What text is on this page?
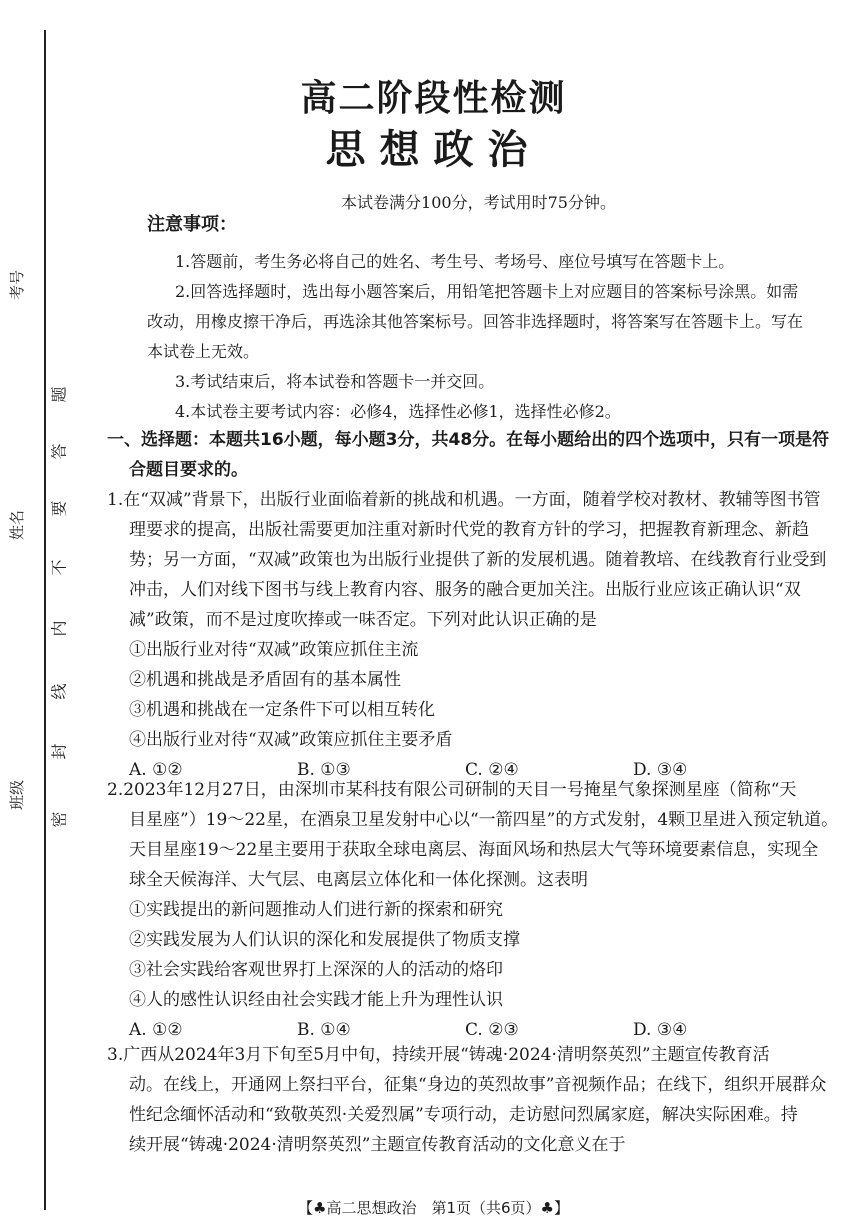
考号
姓名
班级
题
答
要
不
内
线
封
密
高二阶段性检测
思想政治
本试卷满分100分，考试用时75分钟。
注意事项：
1.答题前，考生务必将自己的姓名、考生号、考场号、座位号填写在答题卡上。
2.回答选择题时，选出每小题答案后，用铅笔把答题卡上对应题目的答案标号涂黑。如需改动，用橡皮擦干净后，再选涂其他答案标号。回答非选择题时，将答案写在答题卡上。写在本试卷上无效。
3.考试结束后，将本试卷和答题卡一并交回。
4.本试卷主要考试内容：必修4，选择性必修1，选择性必修2。
一、选择题：本题共16小题，每小题3分，共48分。在每小题给出的四个选项中，只有一项是符
合题目要求的。
1.在“双减”背景下，出版行业面临着新的挑战和机遇。一方面，随着学校对教材、教辅等图书管
理要求的提高，出版社需要更加注重对新时代党的教育方针的学习，把握教育新理念、新趋
势；另一方面，“双减”政策也为出版行业提供了新的发展机遇。随着教培、在线教育行业受到
冲击，人们对线下图书与线上教育内容、服务的融合更加关注。出版行业应该正确认识“双
减”政策，而不是过度吹捧或一味否定。下列对此认识正确的是
①出版行业对待“双减”政策应抓住主流
②机遇和挑战是矛盾固有的基本属性
③机遇和挑战在一定条件下可以相互转化
④出版行业对待“双减”政策应抓住主要矛盾
A. ①②	B. ①③	C. ②④	D. ③④
2.2023年12月27日，由深圳市某科技有限公司研制的天目一号掩星气象探测星座（简称“天
目星座”）19～22星，在酒泉卫星发射中心以“一箭四星”的方式发射，4颗卫星进入预定轨道。
天目星座19～22星主要用于获取全球电离层、海面风场和热层大气等环境要素信息，实现全
球全天候海洋、大气层、电离层立体化和一体化探测。这表明
①实践提出的新问题推动人们进行新的探索和研究
②实践发展为人们认识的深化和发展提供了物质支撑
③社会实践给客观世界打上深深的人的活动的烙印
④人的感性认识经由社会实践才能上升为理性认识
A. ①②	B. ①④	C. ②③	D. ③④
3.广西从2024年3月下旬至5月中旬，持续开展“铸魂·2024·清明祭英烈”主题宣传教育活
动。在线上，开通网上祭扫平台，征集“身边的英烈故事”音视频作品；在线下，组织开展群众
性纪念缅怀活动和“致敬英烈·关爱烈属”专项行动，走访慰问烈属家庭，解决实际困难。持
续开展“铸魂·2024·清明祭英烈”主题宣传教育活动的文化意义在于
【♣高二思想政治　第1页（共6页）♣】
